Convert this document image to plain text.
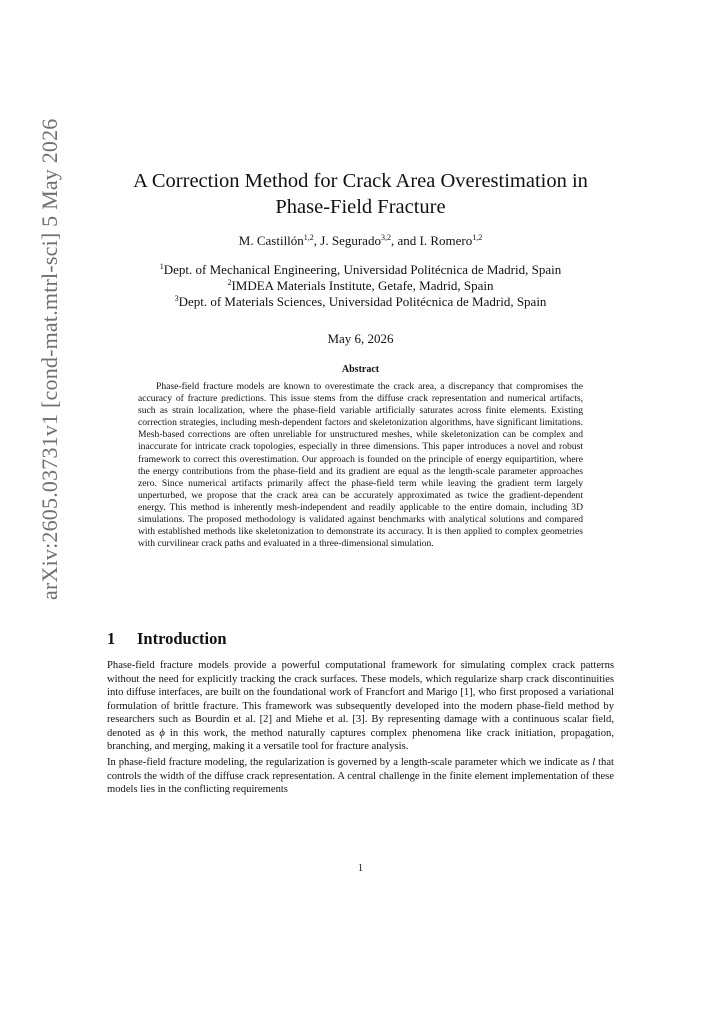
arXiv:2605.03731v1 [cond-mat.mtrl-sci] 5 May 2026	A Correction Method for Crack Area Overestimation in
Phase-Field Fracture
M. Castillón$^{1,2}$, J. Segurado$^{3,2}$, and I. Romero$^{1,2}$
$^1$Dept. of Mechanical Engineering, Universidad Politécnica de Madrid, Spain
$^2$IMDEA Materials Institute, Getafe, Madrid, Spain
$^3$Dept. of Materials Sciences, Universidad Politécnica de Madrid, Spain
May 6, 2026
Abstract
Phase-field fracture models are known to overestimate the crack area, a discrepancy that compromises the accuracy of fracture predictions. This issue stems from the diffuse crack representation and numerical artifacts, such as strain localization, where the phase-field variable artificially saturates across finite elements. Existing correction strategies, including mesh-dependent factors and skeletonization algorithms, have significant limitations. Mesh-based corrections are often unreliable for unstructured meshes, while skeletonization can be complex and inaccurate for intricate crack topologies, especially in three dimensions. This paper introduces a novel and robust framework to correct this overestimation. Our approach is founded on the principle of energy equipartition, where the energy contributions from the phase-field and its gradient are equal as the length-scale parameter approaches zero. Since numerical artifacts primarily affect the phase-field term while leaving the gradient term largely unperturbed, we propose that the crack area can be accurately approximated as twice the gradient-dependent energy. This method is inherently mesh-independent and readily applicable to the entire domain, including 3D simulations. The proposed methodology is validated against benchmarks with analytical solutions and compared with established methods like skeletonization to demonstrate its accuracy. It is then applied to complex geometries with curvilinear crack paths and evaluated in a three-dimensional simulation.
1 Introduction
Phase-field fracture models provide a powerful computational framework for simulating complex crack patterns without the need for explicitly tracking the crack surfaces. These models, which regularize sharp crack discontinuities into diffuse interfaces, are built on the foundational work of Francfort and Marigo [1], who first proposed a variational formulation of brittle fracture. This framework was subsequently developed into the modern phase-field method by researchers such as Bourdin et al. [2] and Miehe et al. [3]. By representing damage with a continuous scalar field, denoted as ϕ in this work, the method naturally captures complex phenomena like crack initiation, propagation, branching, and merging, making it a versatile tool for fracture analysis.
In phase-field fracture modeling, the regularization is governed by a length-scale parameter which we indicate as l that controls the width of the diffuse crack representation. A central challenge in the finite element implementation of these models lies in the conflicting requirements
1
